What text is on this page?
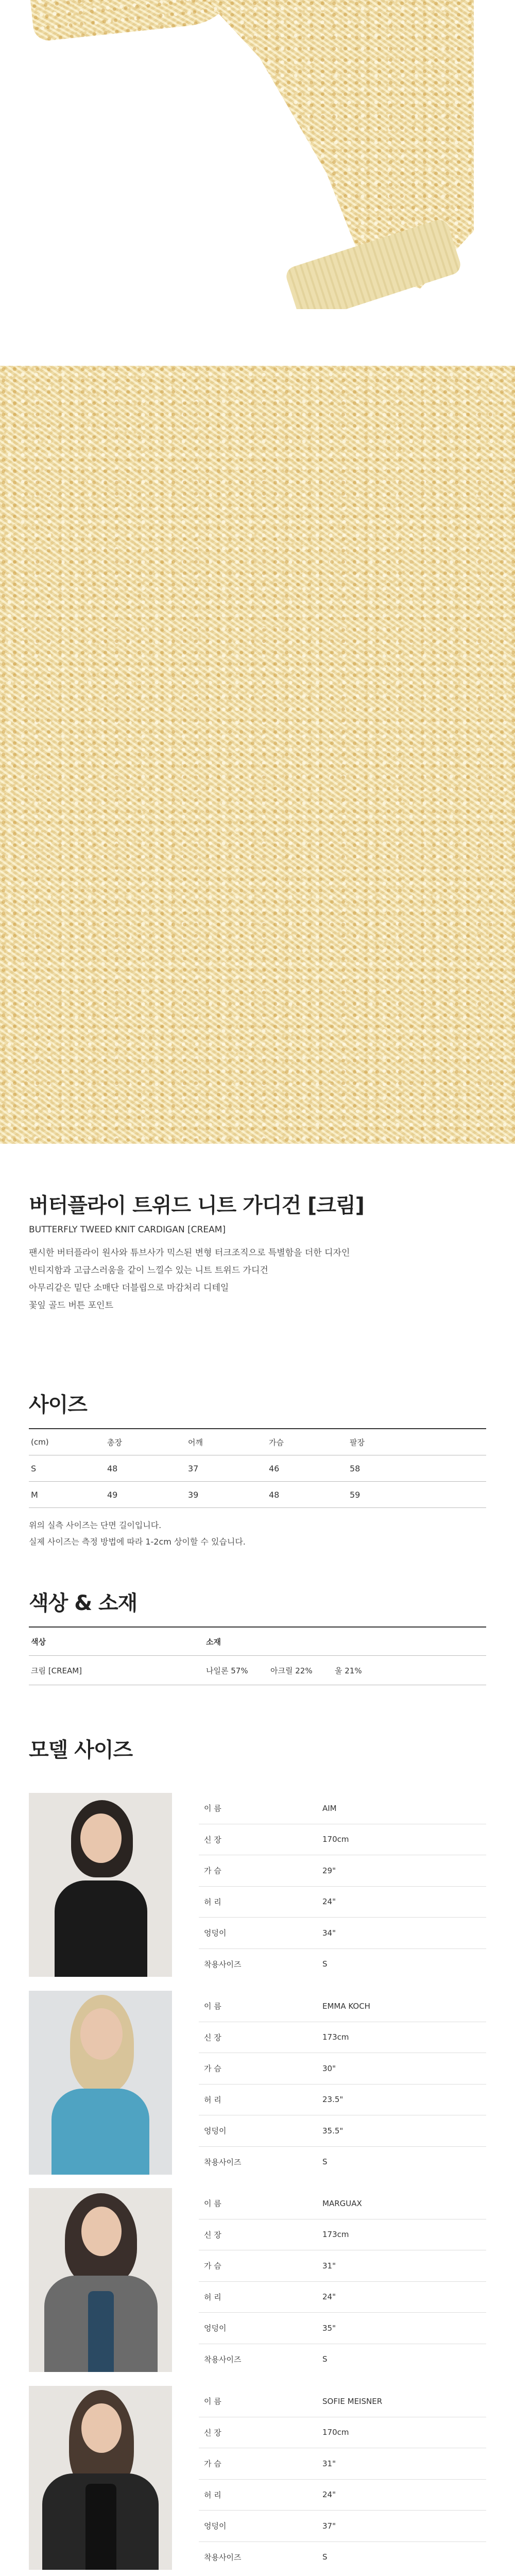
버터플라이 트위드 니트 가디건 [크림]
BUTTERFLY TWEED KNIT CARDIGAN [CREAM]
팬시한 버터플라이 원사와 튜브사가 믹스된 변형 터크조직으로 특별함을 더한 디자인
빈티지함과 고급스러움을 같이 느낄수 있는 니트 트위드 가디건
아무리같은 밑단 소매단 더블립으로 마감처리 디테일
꽃잎 골드 버튼 포인트
사이즈
(cm)	총장	어깨	가슴	팔장
S	48	37	46	58
M	49	39	48	59
위의 실측 사이즈는 단면 길이입니다.
실제 사이즈는 측정 방법에 따라 1-2cm 상이할 수 있습니다.
색상 & 소재
색상	소재
크림 [CREAM]	나일론 57%	아크릴 22%	울 21%
모델 사이즈
이 름	AIM
신 장	170cm
가 슴	29"
허 리	24"
엉덩이	34"
착용사이즈	S
이 름	EMMA KOCH
신 장	173cm
가 슴	30"
허 리	23.5"
엉덩이	35.5"
착용사이즈	S
이 름	MARGUAX
신 장	173cm
가 슴	31"
허 리	24"
엉덩이	35"
착용사이즈	S
이 름	SOFIE MEISNER
신 장	170cm
가 슴	31"
허 리	24"
엉덩이	37"
착용사이즈	S
